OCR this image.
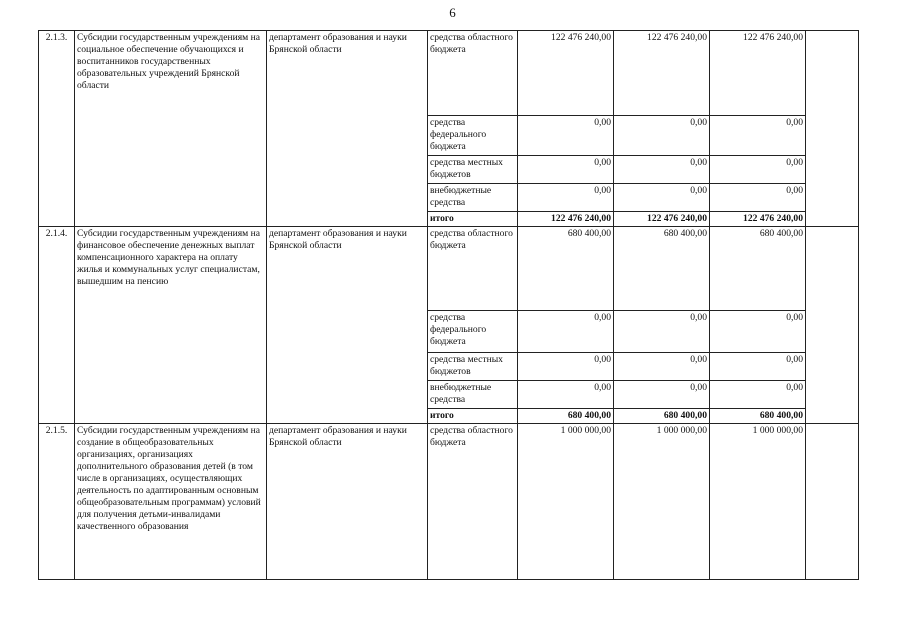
6
2.1.3.	Субсидии государственным учреждениям на социальное обеспечение обучающихся и воспитанников государственных образовательных учреждений Брянской области	департамент образования и науки Брянской области	средства областного бюджета	122 476 240,00	122 476 240,00	122 476 240,00	
			средства федерального бюджета	0,00	0,00	0,00	
			средства местных бюджетов	0,00	0,00	0,00	
			внебюджетные средства	0,00	0,00	0,00	
			итого	122 476 240,00	122 476 240,00	122 476 240,00	
2.1.4.	Субсидии государственным учреждениям на финансовое обеспечение денежных выплат компенсационного характера на оплату жилья и коммунальных услуг специалистам, вышедшим на пенсию	департамент образования и науки Брянской области	средства областного бюджета	680 400,00	680 400,00	680 400,00	
			средства федерального бюджета	0,00	0,00	0,00	
			средства местных бюджетов	0,00	0,00	0,00	
			внебюджетные средства	0,00	0,00	0,00	
			итого	680 400,00	680 400,00	680 400,00	
2.1.5.	Субсидии государственным учреждениям на создание в общеобразовательных организациях, организациях дополнительного образования детей (в том числе в организациях, осуществляющих деятельность по адаптированным основным общеобразовательным программам) условий для получения детьми-инвалидами качественного образования	департамент образования и науки Брянской области	средства областного бюджета	1 000 000,00	1 000 000,00	1 000 000,00	
